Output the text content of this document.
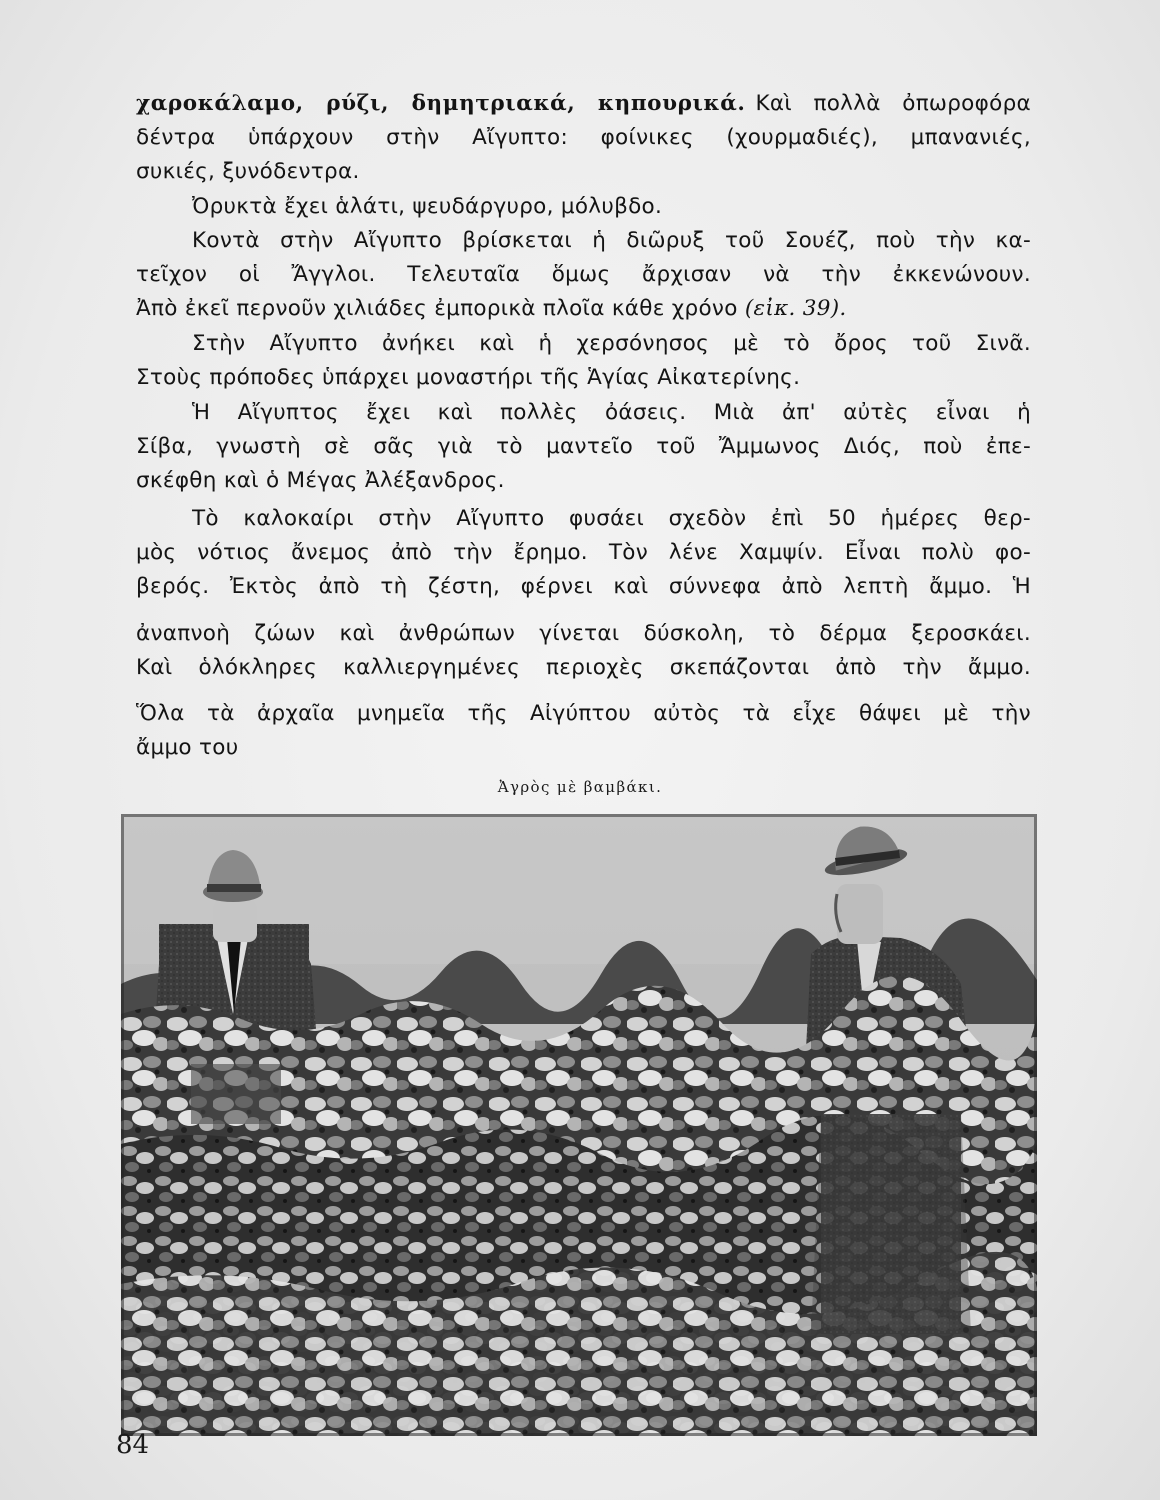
χαροκάλαμο, ρύζι, δημητριακά, κηπουρικά. Καὶ πολλὰ ὀπωροφόρα
δέντρα ὑπάρχουν στὴν Αἴγυπτο: φοίνικες (χουρμαδιές), μπανανιές,
συκιές, ξυνόδεντρα.
Ὀρυκτὰ ἔχει ἁλάτι, ψευδάργυρο, μόλυβδο.
Κοντὰ στὴν Αἴγυπτο βρίσκεται ἡ διῶρυξ τοῦ Σουέζ, ποὺ τὴν κα-
τεῖχον οἱ Ἄγγλοι. Τελευταῖα ὅμως ἄρχισαν νὰ τὴν ἐκκενώνουν.
Ἀπὸ ἐκεῖ περνοῦν χιλιάδες ἐμπορικὰ πλοῖα κάθε χρόνο (εἰκ. 39).
Στὴν Αἴγυπτο ἀνήκει καὶ ἡ χερσόνησος μὲ τὸ ὄρος τοῦ Σινᾶ.
Στοὺς πρόποδες ὑπάρχει μοναστήρι τῆς Ἁγίας Αἰκατερίνης.
Ἡ Αἴγυπτος ἔχει καὶ πολλὲς ὀάσεις. Μιὰ ἀπ' αὐτὲς εἶναι ἡ
Σίβα, γνωστὴ σὲ σᾶς γιὰ τὸ μαντεῖο τοῦ Ἄμμωνος Διός, ποὺ ἐπε-
σκέφθη καὶ ὁ Μέγας Ἀλέξανδρος.
Τὸ καλοκαίρι στὴν Αἴγυπτο φυσάει σχεδὸν ἐπὶ 50 ἡμέρες θερ-
μὸς νότιος ἄνεμος ἀπὸ τὴν ἔρημο. Τὸν λένε Χαμψίν. Εἶναι πολὺ φο-
βερός. Ἐκτὸς ἀπὸ τὴ ζέστη, φέρνει καὶ σύννεφα ἀπὸ λεπτὴ ἄμμο. Ἡ
ἀναπνοὴ ζώων καὶ ἀνθρώπων γίνεται δύσκολη, τὸ δέρμα ξεροσκάει.
Καὶ ὁλόκληρες καλλιεργημένες περιοχὲς σκεπάζονται ἀπὸ τὴν ἄμμο.
Ὅλα τὰ ἀρχαῖα μνημεῖα τῆς Αἰγύπτου αὐτὸς τὰ εἶχε θάψει μὲ τὴν
ἄμμο του
Ἀγρὸς μὲ βαμβάκι.
84
